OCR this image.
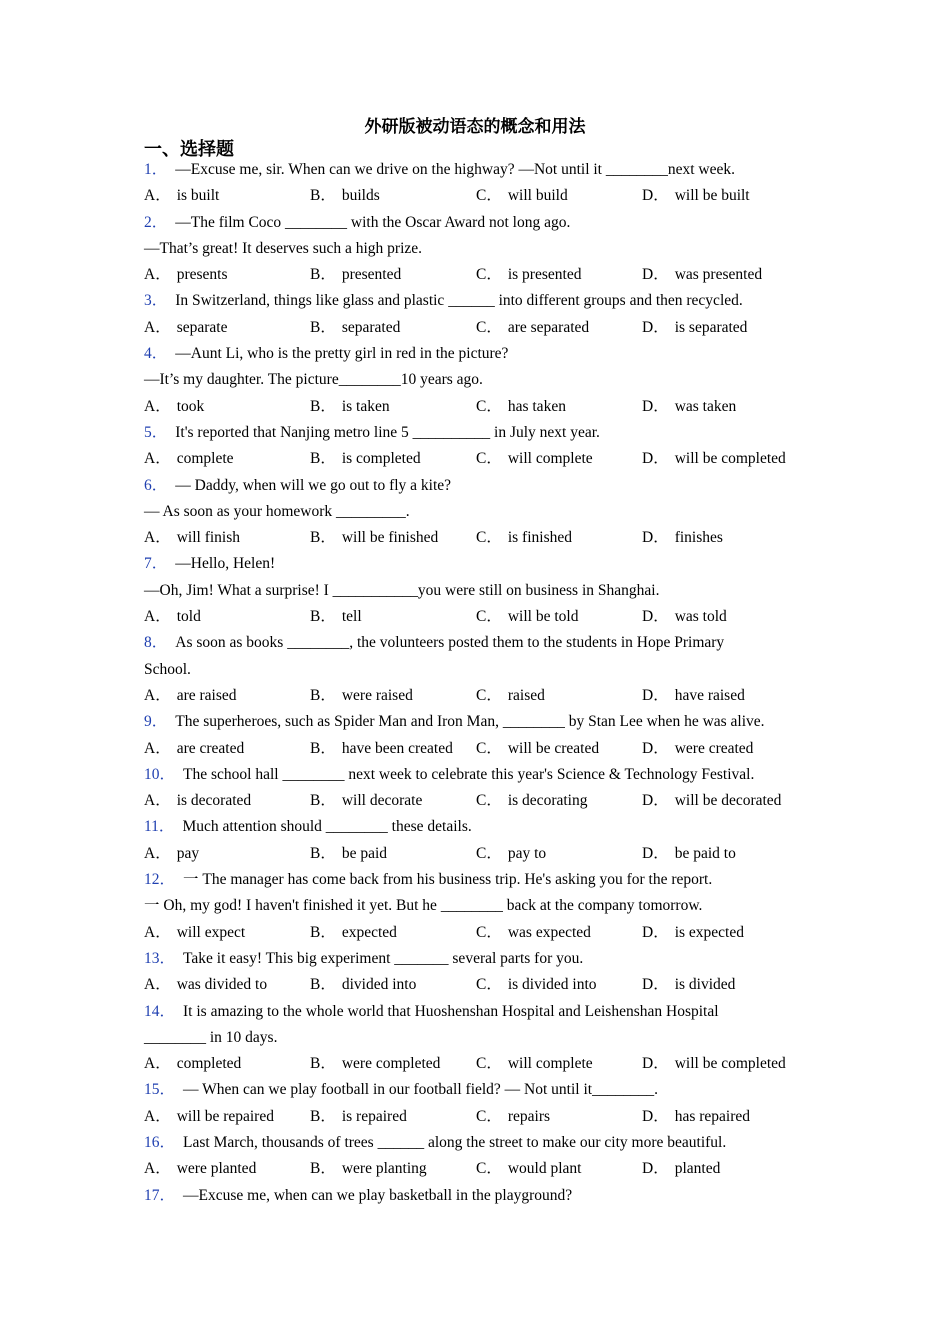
外研版被动语态的概念和用法
一、选择题
1． —Excuse me, sir. When can we drive on the highway? —Not until it ________next week.
A． is built	B． builds	C． will build	D． will be built
2． —The film Coco ________ with the Oscar Award not long ago.
—That’s great! It deserves such a high prize.
A． presents	B． presented	C． is presented	D． was presented
3． In Switzerland, things like glass and plastic ______ into different groups and then recycled.
A． separate	B． separated	C． are separated	D． is separated
4． —Aunt Li, who is the pretty girl in red in the picture?
—It’s my daughter. The picture________10 years ago.
A． took	B． is taken	C． has taken	D． was taken
5． It's reported that Nanjing metro line 5 __________ in July next year.
A． complete	B． is completed	C． will complete	D． will be completed
6． — Daddy, when will we go out to fly a kite?
— As soon as your homework _________.
A． will finish	B． will be finished	C． is finished	D． finishes
7． —Hello, Helen!
—Oh, Jim! What a surprise! I ___________you were still on business in Shanghai.
A． told	B． tell	C． will be told	D． was told
8． As soon as books ________, the volunteers posted them to the students in Hope Primary
School.
A． are raised	B． were raised	C． raised	D． have raised
9． The superheroes, such as Spider Man and Iron Man, ________ by Stan Lee when he was alive.
A． are created	B． have been created	C． will be created	D． were created
10． The school hall ________ next week to celebrate this year's Science & Technology Festival.
A． is decorated	B． will decorate	C． is decorating	D． will be decorated
11． Much attention should ________ these details.
A． pay	B． be paid	C． pay to	D． be paid to
12． 一 The manager has come back from his business trip. He's asking you for the report.
一 Oh, my god! I haven't finished it yet. But he ________ back at the company tomorrow.
A． will expect	B． expected	C． was expected	D． is expected
13． Take it easy! This big experiment _______ several parts for you.
A． was divided to	B． divided into	C． is divided into	D． is divided
14． It is amazing to the whole world that Huoshenshan Hospital and Leishenshan Hospital
________ in 10 days.
A． completed	B． were completed	C． will complete	D． will be completed
15． — When can we play football in our football field? — Not until it________.
A． will be repaired	B． is repaired	C． repairs	D． has repaired
16． Last March, thousands of trees ______ along the street to make our city more beautiful.
A． were planted	B． were planting	C． would plant	D． planted
17． —Excuse me, when can we play basketball in the playground?
